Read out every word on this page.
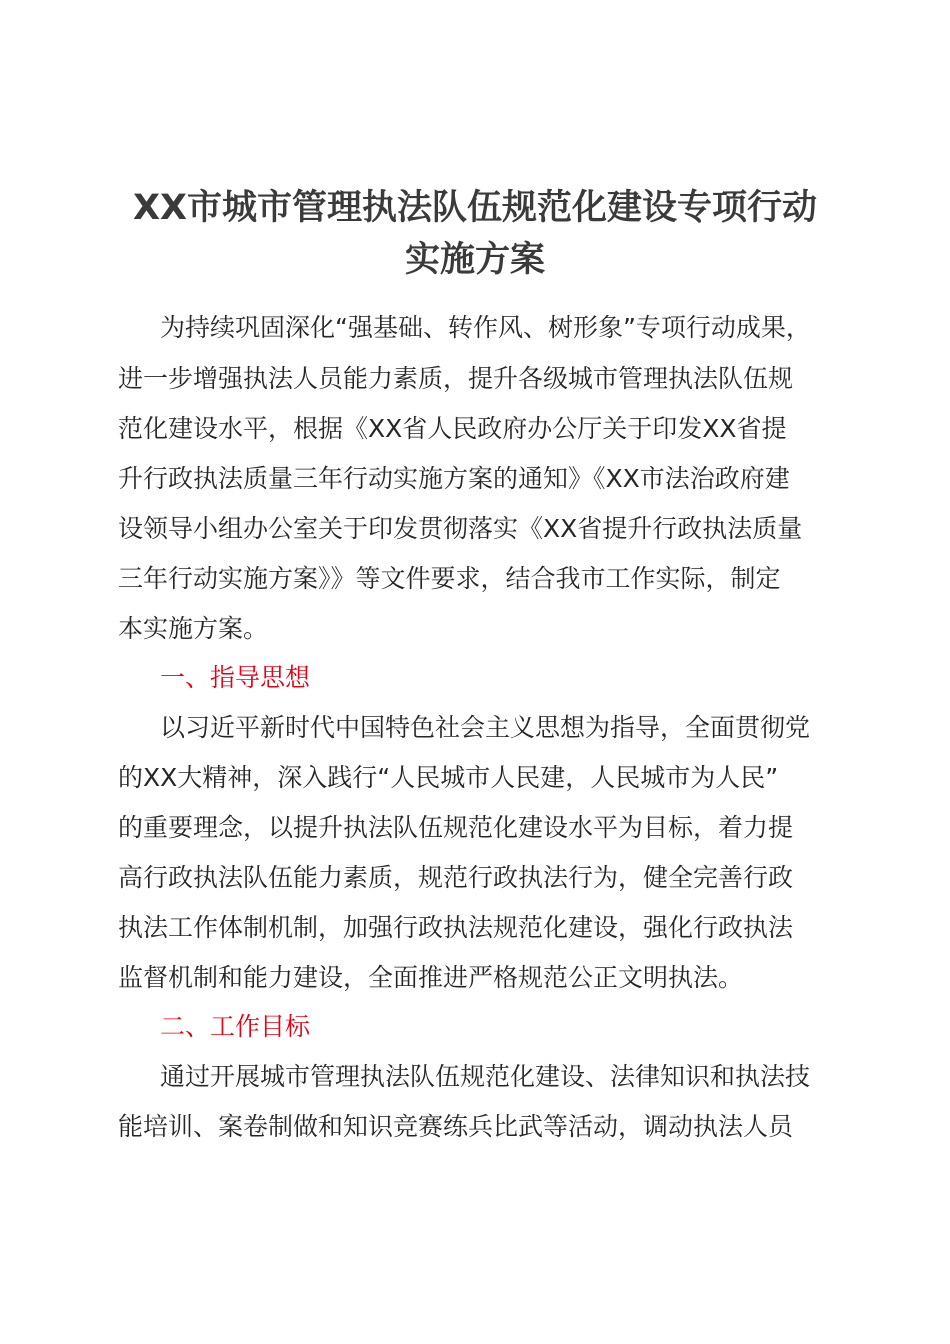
XX市城市管理执法队伍规范化建设专项行动
实施方案
为持续巩固深化“强基础、转作风、树形象”专项行动成果，
进一步增强执法人员能力素质，提升各级城市管理执法队伍规
范化建设水平，根据《XX省人民政府办公厅关于印发XX省提
升行政执法质量三年行动实施方案的通知》《XX市法治政府建
设领导小组办公室关于印发贯彻落实《XX省提升行政执法质量
三年行动实施方案》》等文件要求，结合我市工作实际，制定
本实施方案。
一、指导思想
以习近平新时代中国特色社会主义思想为指导，全面贯彻党
的XX大精神，深入践行“人民城市人民建，人民城市为人民”
的重要理念，以提升执法队伍规范化建设水平为目标，着力提
高行政执法队伍能力素质，规范行政执法行为，健全完善行政
执法工作体制机制，加强行政执法规范化建设，强化行政执法
监督机制和能力建设，全面推进严格规范公正文明执法。
二、工作目标
通过开展城市管理执法队伍规范化建设、法律知识和执法技
能培训、案卷制做和知识竞赛练兵比武等活动，调动执法人员
